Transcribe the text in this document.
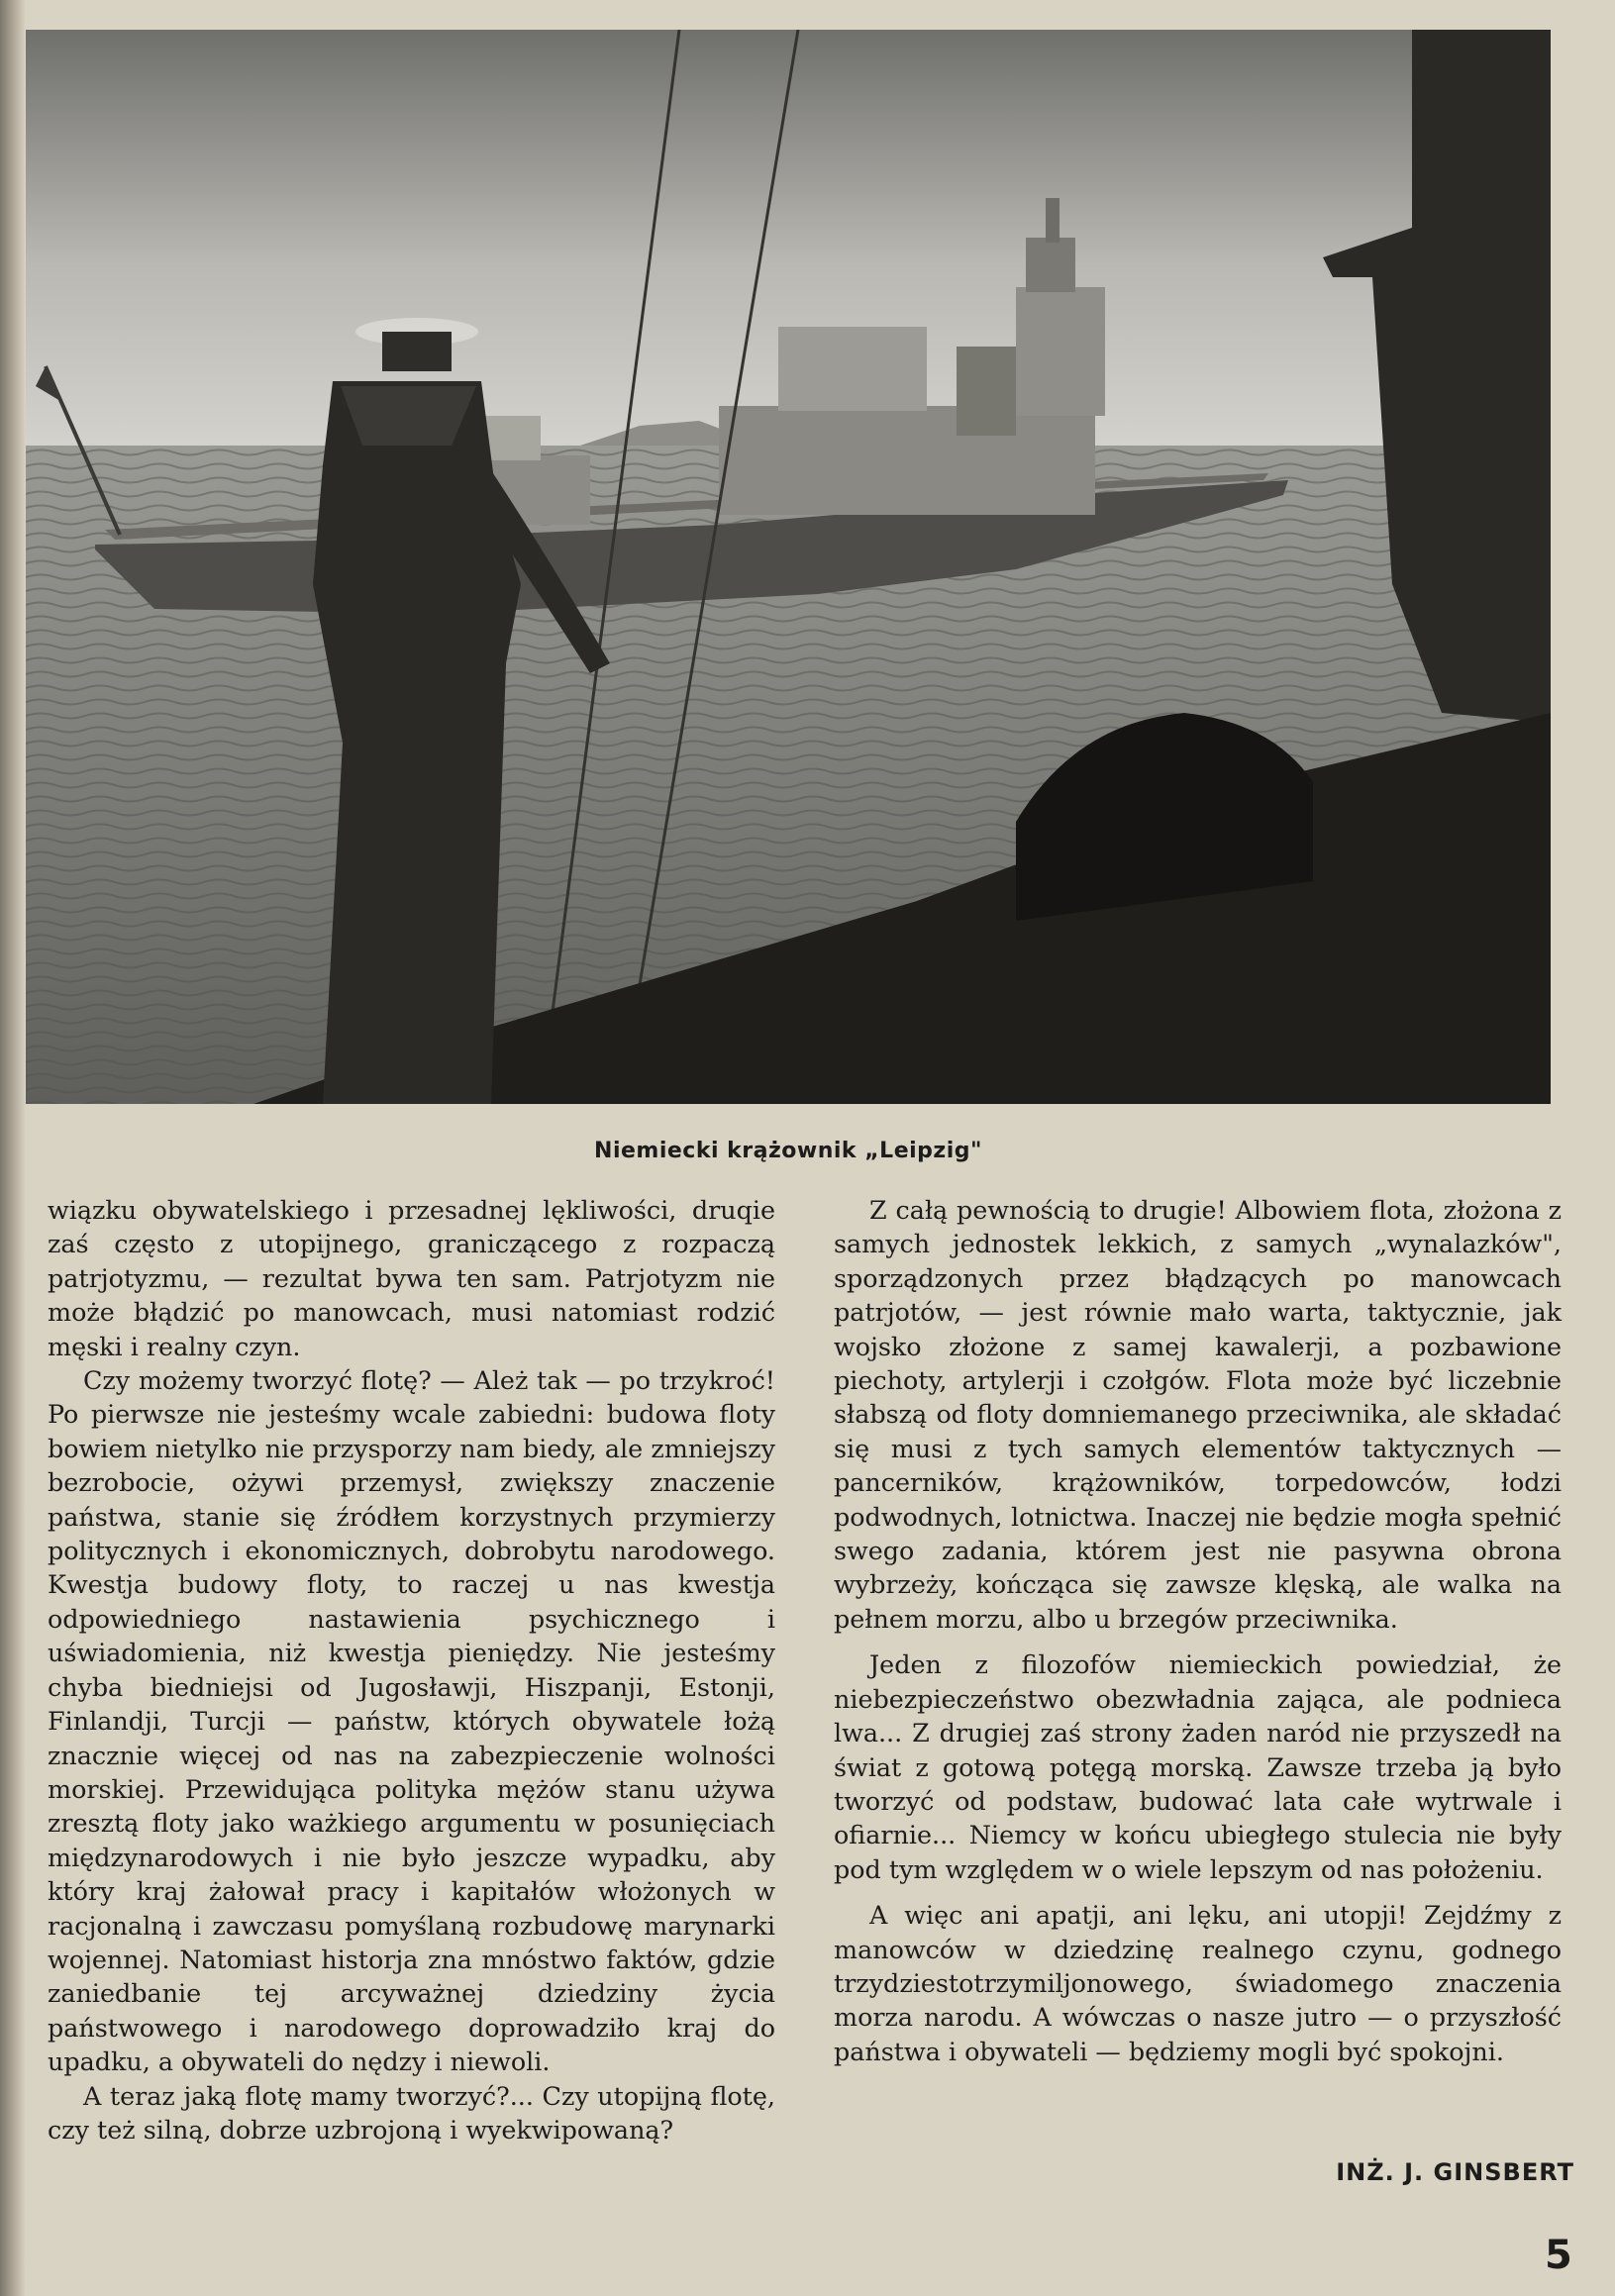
Niemiecki krążownik „Leipzig"

wiązku obywatelskiego i przesadnej lękliwości, druqie zaś często z utopijnego, graniczącego z rozpaczą patrjotyzmu, — rezultat bywa ten sam. Patrjotyzm nie może błądzić po manowcach, musi natomiast rodzić męski i realny czyn.

Czy możemy tworzyć flotę? — Ależ tak — po trzykroć! Po pierwsze nie jesteśmy wcale zabiedni: budowa floty bowiem nietylko nie przysporzy nam biedy, ale zmniejszy bezrobocie, ożywi przemysł, zwiększy znaczenie państwa, stanie się źródłem korzystnych przymierzy politycznych i ekonomicznych, dobrobytu narodowego. Kwestja budowy floty, to raczej u nas kwestja odpowiedniego nastawienia psychicznego i uświadomienia, niż kwestja pieniędzy. Nie jesteśmy chyba biedniejsi od Jugosławji, Hiszpanji, Estonji, Finlandji, Turcji — państw, których obywatele łożą znacznie więcej od nas na zabezpieczenie wolności morskiej. Przewidująca polityka mężów stanu używa zresztą floty jako ważkiego argumentu w posunięciach międzynarodowych i nie było jeszcze wypadku, aby który kraj żałował pracy i kapitałów włożonych w racjonalną i zawczasu pomyślaną rozbudowę marynarki wojennej. Natomiast historja zna mnóstwo faktów, gdzie zaniedbanie tej arcyważnej dziedziny życia państwowego i narodowego doprowadziło kraj do upadku, a obywateli do nędzy i niewoli.

A teraz jaką flotę mamy tworzyć?... Czy utopijną flotę, czy też silną, dobrze uzbrojoną i wyekwipowaną?

Z całą pewnością to drugie! Albowiem flota, złożona z samych jednostek lekkich, z samych „wynalazków", sporządzonych przez błądzących po manowcach patrjotów, — jest równie mało warta, taktycznie, jak wojsko złożone z samej kawalerji, a pozbawione piechoty, artylerji i czołgów. Flota może być liczebnie słabszą od floty domniemanego przeciwnika, ale składać się musi z tych samych elementów taktycznych — pancerników, krążowników, torpedowców, łodzi podwodnych, lotnictwa. Inaczej nie będzie mogła spełnić swego zadania, którem jest nie pasywna obrona wybrzeży, kończąca się zawsze klęską, ale walka na pełnem morzu, albo u brzegów przeciwnika.

Jeden z filozofów niemieckich powiedział, że niebezpieczeństwo obezwładnia zająca, ale podnieca lwa... Z drugiej zaś strony żaden naród nie przyszedł na świat z gotową potęgą morską. Zawsze trzeba ją było tworzyć od podstaw, budować lata całe wytrwale i ofiarnie... Niemcy w końcu ubiegłego stulecia nie były pod tym względem w o wiele lepszym od nas położeniu.

A więc ani apatji, ani lęku, ani utopji! Zejdźmy z manowców w dziedzinę realnego czynu, godnego trzydziestotrzymiljonowego, świadomego znaczenia morza narodu. A wówczas o nasze jutro — o przyszłość państwa i obywateli — będziemy mogli być spokojni.

INŻ. J. GINSBERT
5
